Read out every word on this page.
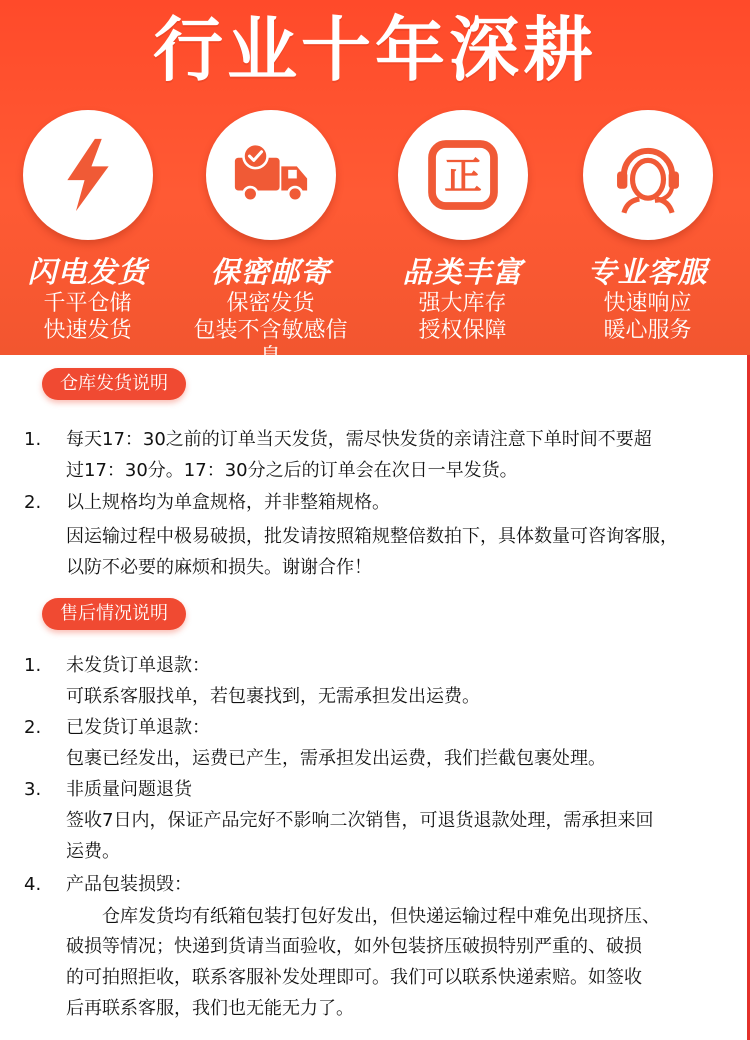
行业十年深耕
闪电发货
千平仓储
快速发货
保密邮寄
保密发货
包装不含敏感信息
正
品类丰富
强大库存
授权保障
专业客服
快速响应
暖心服务
仓库发货说明
1. 每天17：30之前的订单当天发货，需尽快发货的亲请注意下单时间不要超
过17：30分。17：30分之后的订单会在次日一早发货。
2. 以上规格均为单盒规格，并非整箱规格。
因运输过程中极易破损，批发请按照箱规整倍数拍下，具体数量可咨询客服，
以防不必要的麻烦和损失。谢谢合作！
售后情况说明
1. 未发货订单退款：
可联系客服找单，若包裹找到，无需承担发出运费。
2. 已发货订单退款：
包裹已经发出，运费已产生，需承担发出运费，我们拦截包裹处理。
3. 非质量问题退货
签收7日内，保证产品完好不影响二次销售，可退货退款处理，需承担来回
运费。
4. 产品包装损毁：
仓库发货均有纸箱包装打包好发出，但快递运输过程中难免出现挤压、
破损等情况；快递到货请当面验收，如外包装挤压破损特别严重的、破损
的可拍照拒收，联系客服补发处理即可。我们可以联系快递索赔。如签收
后再联系客服，我们也无能无力了。
